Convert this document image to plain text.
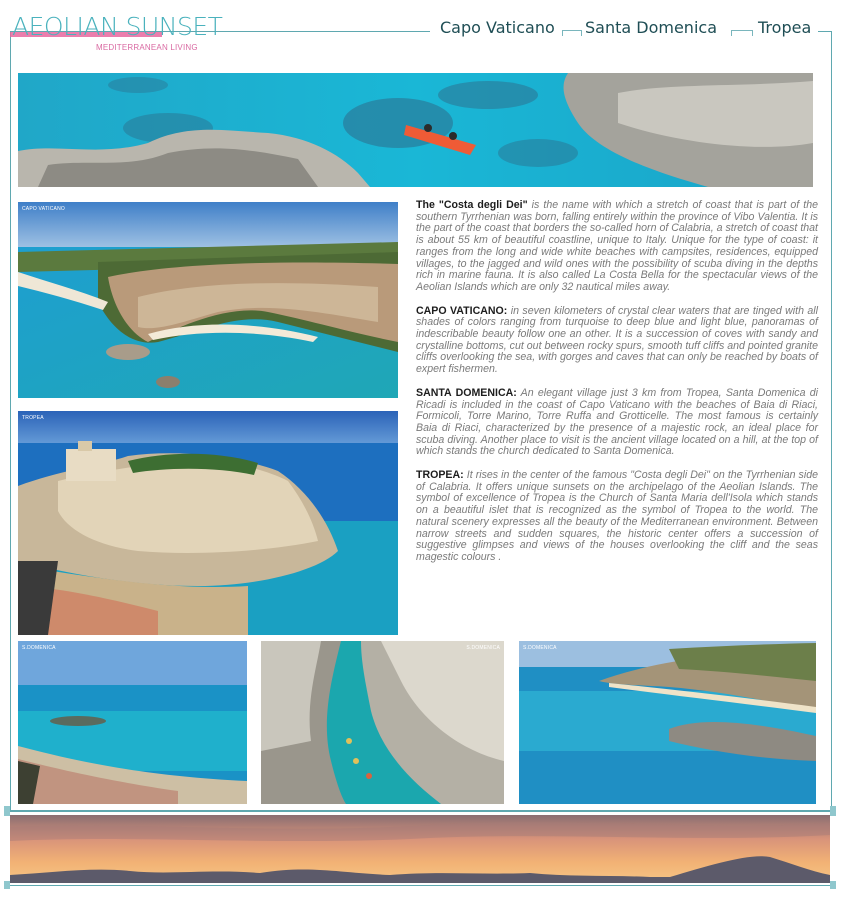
AEOLIAN SUNSET
MEDITERRANEAN LIVING
Capo Vaticano Santa Domenica	Tropea
CAPO VATICANO
TROPEA

The "Costa degli Dei" is the name with which a stretch of coast that is part of the southern Tyrrhenian was born, falling entirely within the province of Vibo Valentia. It is the part of the coast that borders the so-called horn of Calabria, a stretch of coast that is about 55 km of beautiful coastline, unique to Italy. Unique for the type of coast: it ranges from the long and wide white beaches with campsites, residences, equipped villages, to the jagged and wild ones with the possibility of scuba diving in the depths rich in marine fauna. It is also called La Costa Bella for the spectacular views of the Aeolian Islands which are only 32 nautical miles away.

CAPO VATICANO: in seven kilometers of crystal clear waters that are tinged with all shades of colors ranging from turquoise to deep blue and light blue, panoramas of indescribable beauty follow one an other. It is a succession of coves with sandy and crystalline bottoms, cut out between rocky spurs, smooth tuff cliffs and pointed granite cliffs overlooking the sea, with gorges and caves that can only be reached by boats of expert fishermen.

SANTA DOMENICA: An elegant village just 3 km from Tropea, Santa Domenica di Ricadi is included in the coast of Capo Vaticano with the beaches of Baia di Riaci, Formicoli, Torre Marino, Torre Ruffa and Grotticelle. The most famous is certainly Baia di Riaci, characterized by the presence of a majestic rock, an ideal place for scuba diving. Another place to visit is the ancient village located on a hill, at the top of which stands the church dedicated to Santa Domenica.

TROPEA: It rises in the center of the famous "Costa degli Dei" on the Tyrrhenian side of Calabria. It offers unique sunsets on the archipelago of the Aeolian Islands. The symbol of excellence of Tropea is the Church of Santa Maria dell'Isola which stands on a beautiful islet that is recognized as the symbol of Tropea to the world. The natural scenery expresses all the beauty of the Mediterranean environment. Between narrow streets and sudden squares, the historic center offers a succession of suggestive glimpses and views of the houses overlooking the cliff and the seas magestic colours .

S.DOMENICA	S.DOMENICA	S.DOMENICA
